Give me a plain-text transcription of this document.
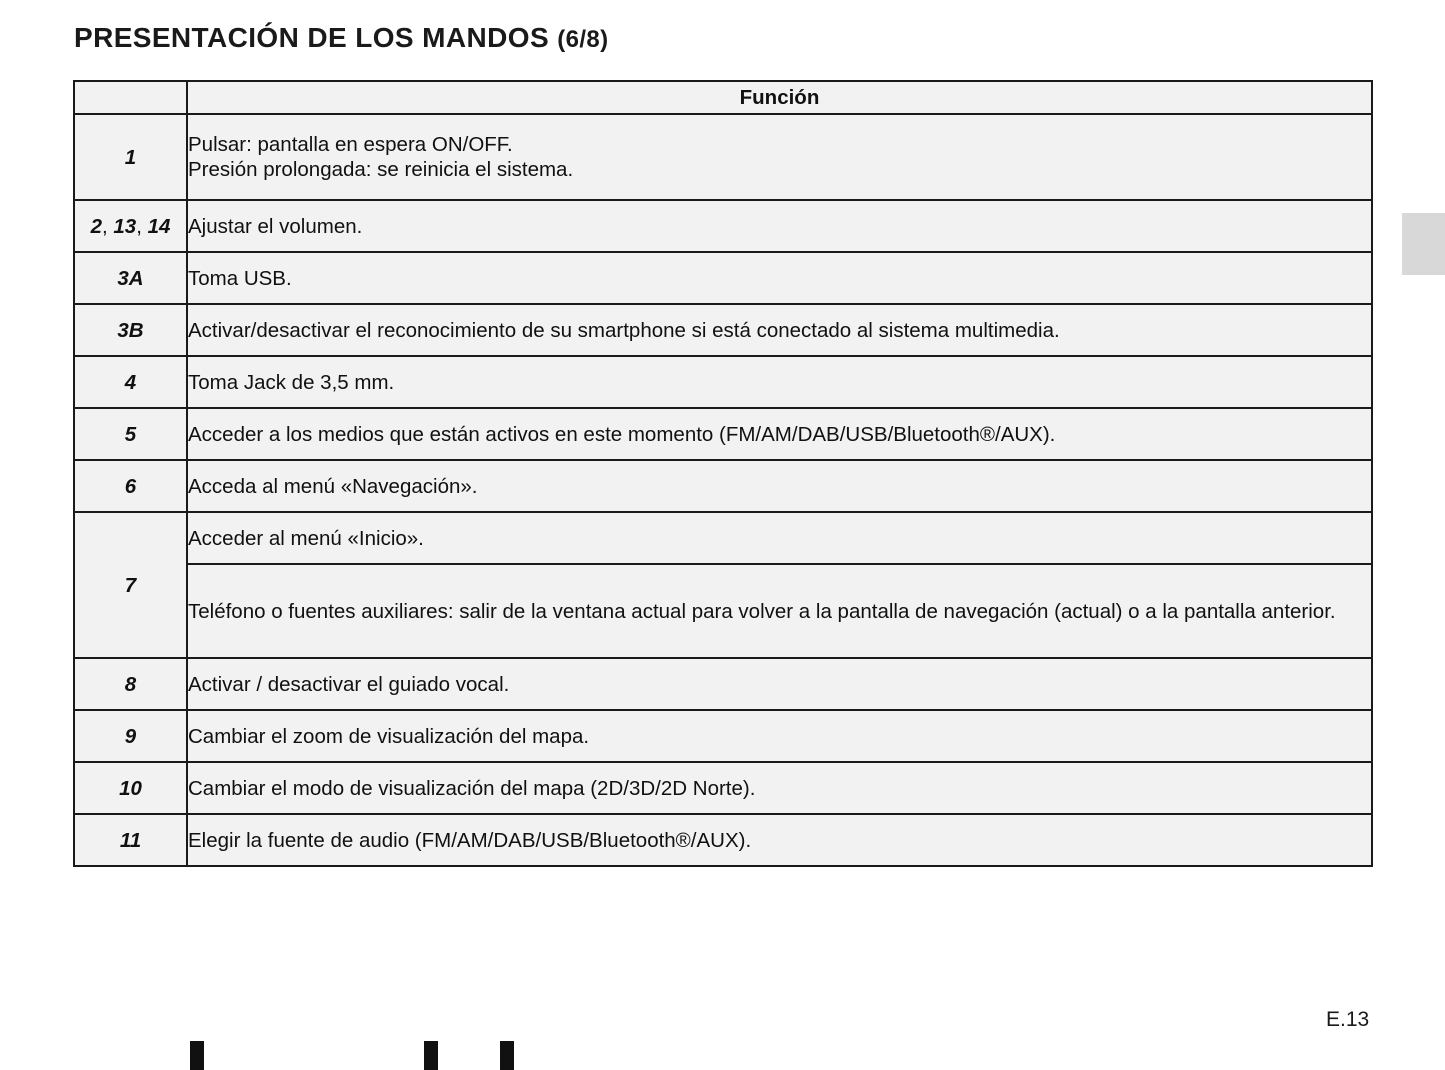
PRESENTACIÓN DE LOS MANDOS (6/8)
	Función
1	Pulsar: pantalla en espera ON/OFF.
Presión prolongada: se reinicia el sistema.

2, 13, 14	Ajustar el volumen.

3A	Toma USB.

3B	Activar/desactivar el reconocimiento de su smartphone si está conectado al sistema multimedia.

4	Toma Jack de 3,5 mm.

5	Acceder a los medios que están activos en este momento (FM/AM/DAB/USB/Bluetooth®/AUX).

6	Acceda al menú «Navegación».

7	Acceder al menú «Inicio».

	Teléfono o fuentes auxiliares: salir de la ventana actual para volver a la pantalla de navegación (actual) o a la pantalla anterior.

8	Activar / desactivar el guiado vocal.

9	Cambiar el zoom de visualización del mapa.

10	Cambiar el modo de visualización del mapa (2D/3D/2D Norte).

11	Elegir la fuente de audio (FM/AM/DAB/USB/Bluetooth®/AUX).
E.13
